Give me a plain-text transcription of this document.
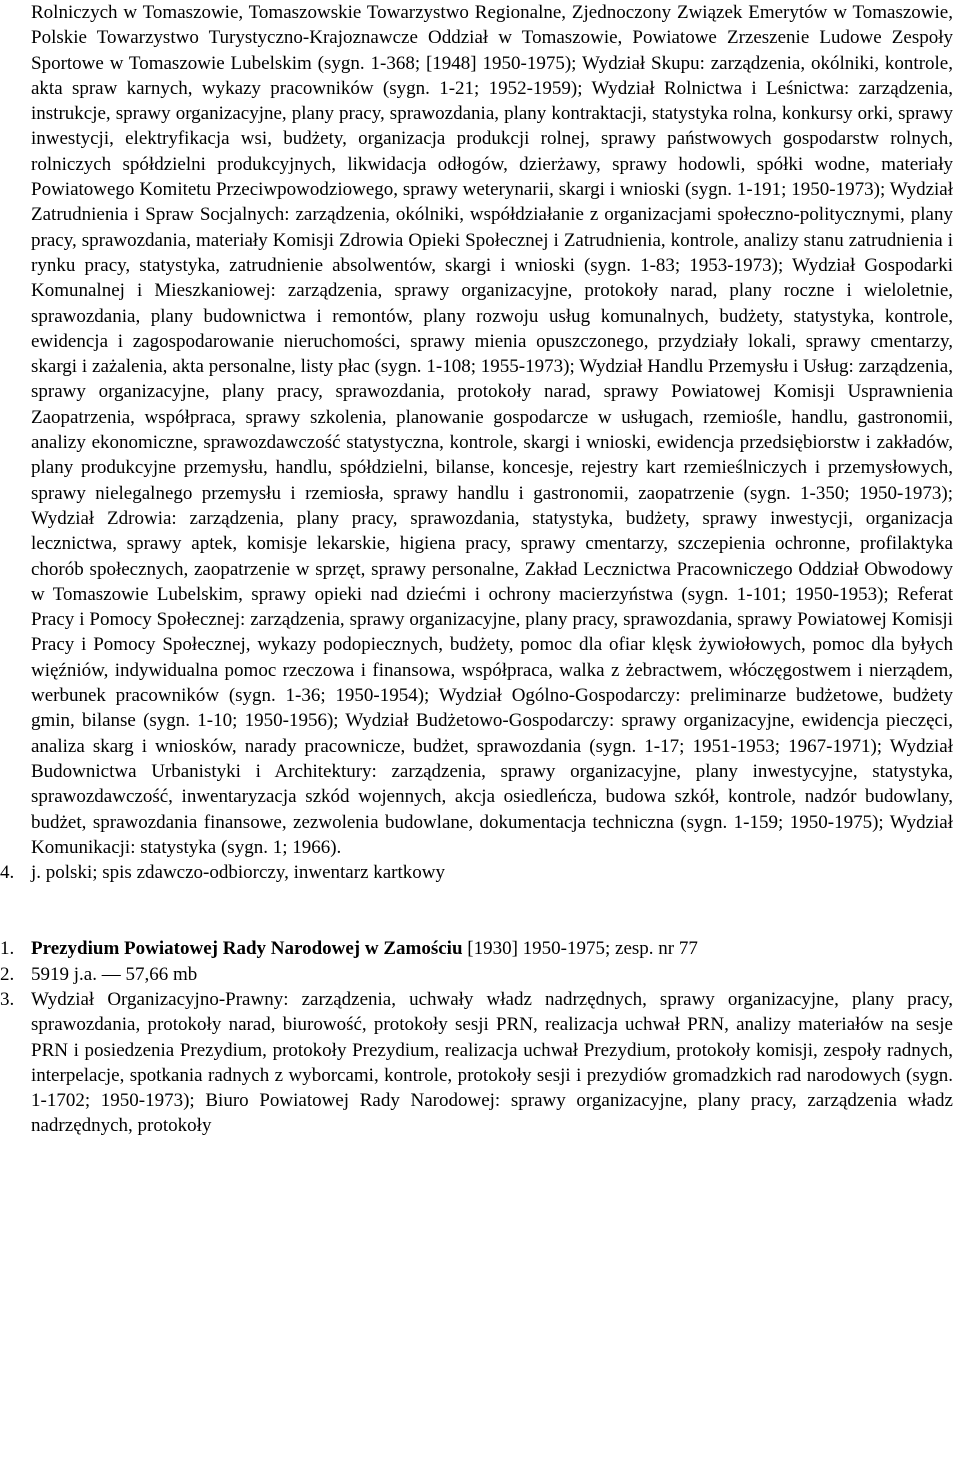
Rolniczych w Tomaszowie, Tomaszowskie Towarzystwo Regionalne, Zjednoczony Związek Emerytów w Tomaszowie, Polskie Towarzystwo Turystyczno-Krajoznawcze Oddział w Tomaszowie, Powiatowe Zrzeszenie Ludowe Zespoły Sportowe w Tomaszowie Lubelskim (sygn. 1-368; [1948] 1950-1975); Wydział Skupu: zarządzenia, okólniki, kontrole, akta spraw karnych, wykazy pracowników (sygn. 1-21; 1952-1959); Wydział Rolnictwa i Leśnictwa: zarządzenia, instrukcje, sprawy organizacyjne, plany pracy, sprawozdania, plany kontraktacji, statystyka rolna, konkursy orki, sprawy inwestycji, elektryfikacja wsi, budżety, organizacja produkcji rolnej, sprawy państwowych gospodarstw rolnych, rolniczych spółdzielni produkcyjnych, likwidacja odłogów, dzierżawy, sprawy hodowli, spółki wodne, materiały Powiatowego Komitetu Przeciwpowodziowego, sprawy weterynarii, skargi i wnioski (sygn. 1-191; 1950-1973); Wydział Zatrudnienia i Spraw Socjalnych: zarządzenia, okólniki, współdziałanie z organizacjami społeczno-politycznymi, plany pracy, sprawozdania, materiały Komisji Zdrowia Opieki Społecznej i Zatrudnienia, kontrole, analizy stanu zatrudnienia i rynku pracy, statystyka, zatrudnienie absolwentów, skargi i wnioski (sygn. 1-83; 1953-1973); Wydział Gospodarki Komunalnej i Mieszkaniowej: zarządzenia, sprawy organizacyjne, protokoły narad, plany roczne i wieloletnie, sprawozdania, plany budownictwa i remontów, plany rozwoju usług komunalnych, budżety, statystyka, kontrole, ewidencja i zagospodarowanie nieruchomości, sprawy mienia opuszczonego, przydziały lokali, sprawy cmentarzy, skargi i zażalenia, akta personalne, listy płac (sygn. 1-108; 1955-1973); Wydział Handlu Przemysłu i Usług: zarządzenia, sprawy organizacyjne, plany pracy, sprawozdania, protokoły narad, sprawy Powiatowej Komisji Usprawnienia Zaopatrzenia, współpraca, sprawy szkolenia, planowanie gospodarcze w usługach, rzemiośle, handlu, gastronomii, analizy ekonomiczne, sprawozdawczość statystyczna, kontrole, skargi i wnioski, ewidencja przedsiębiorstw i zakładów, plany produkcyjne przemysłu, handlu, spółdzielni, bilanse, koncesje, rejestry kart rzemieślniczych i przemysłowych, sprawy nielegalnego przemysłu i rzemiosła, sprawy handlu i gastronomii, zaopatrzenie (sygn. 1-350; 1950-1973); Wydział Zdrowia: zarządzenia, plany pracy, sprawozdania, statystyka, budżety, sprawy inwestycji, organizacja lecznictwa, sprawy aptek, komisje lekarskie, higiena pracy, sprawy cmentarzy, szczepienia ochronne, profilaktyka chorób społecznych, zaopatrzenie w sprzęt, sprawy personalne, Zakład Lecznictwa Pracowniczego Oddział Obwodowy w Tomaszowie Lubelskim, sprawy opieki nad dziećmi i ochrony macierzyństwa (sygn. 1-101; 1950-1953); Referat Pracy i Pomocy Społecznej: zarządzenia, sprawy organizacyjne, plany pracy, sprawozdania, sprawy Powiatowej Komisji Pracy i Pomocy Społecznej, wykazy podopiecznych, budżety, pomoc dla ofiar klęsk żywiołowych, pomoc dla byłych więźniów, indywidualna pomoc rzeczowa i finansowa, współpraca, walka z żebractwem, włóczęgostwem i nierządem, werbunek pracowników (sygn. 1-36; 1950-1954); Wydział Ogólno-Gospodarczy: preliminarze budżetowe, budżety gmin, bilanse (sygn. 1-10; 1950-1956); Wydział Budżetowo-Gospodarczy: sprawy organizacyjne, ewidencja pieczęci, analiza skarg i wniosków, narady pracownicze, budżet, sprawozdania (sygn. 1-17; 1951-1953; 1967-1971); Wydział Budownictwa Urbanistyki i Architektury: zarządzenia, sprawy organizacyjne, plany inwestycyjne, statystyka, sprawozdawczość, inwentaryzacja szkód wojennych, akcja osiedleńcza, budowa szkół, kontrole, nadzór budowlany, budżet, sprawozdania finansowe, zezwolenia budowlane, dokumentacja techniczna (sygn. 1-159; 1950-1975); Wydział Komunikacji: statystyka (sygn. 1; 1966).

4. j. polski; spis zdawczo-odbiorczy, inwentarz kartkowy

1. Prezydium Powiatowej Rady Narodowej w Zamościu [1930] 1950-1975; zesp. nr 77

2. 5919 j.a. — 57,66 mb

3. Wydział Organizacyjno-Prawny: zarządzenia, uchwały władz nadrzędnych, sprawy organizacyjne, plany pracy, sprawozdania, protokoły narad, biurowość, protokoły sesji PRN, realizacja uchwał PRN, analizy materiałów na sesje PRN i posiedzenia Prezydium, protokoły Prezydium, realizacja uchwał Prezydium, protokoły komisji, zespoły radnych, interpelacje, spotkania radnych z wyborcami, kontrole, protokoły sesji i prezydiów gromadzkich rad narodowych (sygn. 1-1702; 1950-1973); Biuro Powiatowej Rady Narodowej: sprawy organizacyjne, plany pracy, zarządzenia władz nadrzędnych, protokoły
